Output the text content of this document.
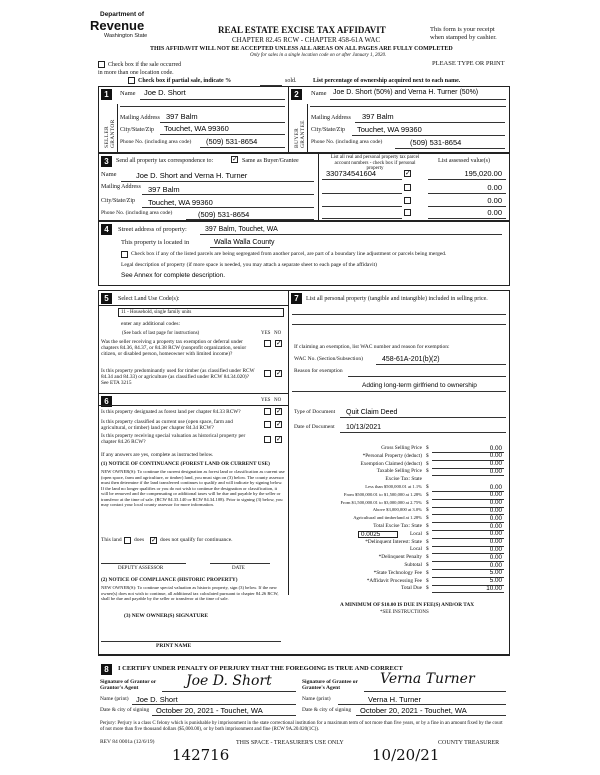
Department of
Revenue
Washington State
REAL ESTATE EXCISE TAX AFFIDAVIT
CHAPTER 82.45 RCW - CHAPTER 458-61A WAC
THIS AFFIDAVIT WILL NOT BE ACCEPTED UNLESS ALL AREAS ON ALL PAGES ARE FULLY COMPLETED
Only for sales in a single location code on or after January 1, 2020.
This form is your receipt
when stamped by cashier.
PLEASE TYPE OR PRINT
Check box if the sale occurred
in more than one location code.
Check box if partial sale, indicate %	sold.	List percentage of ownership acquired next to each name.
1
SELLER GRANTOR
Name Joe D. Short
Mailing Address 397 Balm
City/State/Zip Touchet, WA 99360
Phone No. (including area code) (509) 531-8654
2
BUYER GRANTEE
Name Joe D. Short (50%) and Verna H. Turner (50%)
Mailing Address 397 Balm
City/State/Zip Touchet, WA 99360
Phone No. (including area code)	(509) 531-8654
3	Send all property tax correspondence to:	✓ Same as Buyer/Grantee
Name	Joe D. Short and Verna H. Turner
Mailing Address 397 Balm
City/State/Zip Touchet, WA 99360
Phone No. (including area code)	(509) 531-8654
List all real and personal property tax parcel account numbers - check box if personal property
List assessed value(s)
330734541604	✓	195,020.00
0.00
0.00
0.00
4	Street address of property:	397 Balm, Touchet, WA
This property is located in	Walla Walla County
Check box if any of the listed parcels are being segregated from another parcel, are part of a boundary line adjustment or parcels being merged.
Legal description of property (if more space is needed, you may attach a separate sheet to each page of the affidavit)
See Annex for complete description.
5	Select Land Use Code(s):
11 - Household, single family units
enter any additional codes:
(See back of last page for instructions)	YES NO
Was the seller receiving a property tax exemption or deferral under chapters 84.36, 84.37, or 84.38 RCW (nonprofit organization, senior citizen, or disabled person, homeowner with limited income)?
✓
Is this property predominantly used for timber (as classified under RCW 84.34 and 84.33) or agriculture (as classified under RCW 84.34.020)? See ETA 3215
✓
6	YES NO
Is this property designated as forest land per chapter 84.33 RCW?	✓
Is this property classified as current use (open space, farm and agricultural, or timber) land per chapter 84.34 RCW?	✓
Is this property receiving special valuation as historical property per chapter 84.26 RCW?	✓
If any answers are yes, complete as instructed below.
(1) NOTICE OF CONTINUANCE (FOREST LAND OR CURRENT USE)
NEW OWNER(S): To continue the current designation as forest land or classification as current use (open space, farm and agriculture, or timber) land, you must sign on (3) below. The county assessor must then determine if the land transferred continues to qualify and will indicate by signing below. If the land no longer qualifies or you do not wish to continue the designation or classification, it will be removed and the compensating or additional taxes will be due and payable by the seller or transferor at the time of sale. (RCW 84.33.140 or RCW 84.34.108). Prior to signing (3) below, you may contact your local county assessor for more information.
This land does ✓ does not qualify for continuance.
DEPUTY ASSESSOR	DATE
(2) NOTICE OF COMPLIANCE (HISTORIC PROPERTY)
NEW OWNER(S): To continue special valuation as historic property, sign (3) below. If the new owner(s) does not wish to continue, all additional tax calculated pursuant to chapter 84.26 RCW, shall be due and payable by the seller or transferor at the time of sale.
(3) NEW OWNER(S) SIGNATURE
PRINT NAME
7	List all personal property (tangible and intangible) included in selling price.
If claiming an exemption, list WAC number and reason for exemption:
WAC No. (Section/Subsection)	458-61A-201(b)(2)
Reason for exemption
Adding long-term girlfriend to ownership
Type of Document Quit Claim Deed
Date of Document 10/13/2021
Gross Selling Price $	0.00
*Personal Property (deduct) $	0.00
Exemption Claimed (deduct) $	0.00
Taxable Selling Price $	0.00
Excise Tax: State
Less than $500,000.01 at 1.1% $	0.00
From $500,000.01 to $1,500,000 at 1.28% $	0.00
From $1,500,000.01 to $3,000,000 at 2.75% $	0.00
Above $3,000,000 at 3.0% $	0.00
Agricultural and timberland at 1.28% $	0.00
Total Excise Tax: State $	0.00
Local $	0.00
*Delinquent Interest: State $	0.00
Local $	0.00
*Delinquent Penalty $	0.00
Subtotal $	0.00
*State Technology Fee $	5.00
*Affidavit Processing Fee $	5.00
Total Due $	10.00
0.0025
A MINIMUM OF $10.00 IS DUE IN FEE(S) AND/OR TAX
*SEE INSTRUCTIONS
8	I CERTIFY UNDER PENALTY OF PERJURY THAT THE FOREGOING IS TRUE AND CORRECT
Signature of Grantor or Grantor's Agent	Joe D. Short
Name (print) Joe D. Short
Date & city of signing October 20, 2021 - Touchet, WA
Signature of Grantee or Grantee's Agent
Verna Turner
Name (print)	Verna H. Turner
Date & city of signing October 20, 2021 - Touchet, WA
Perjury: Perjury is a class C felony which is punishable by imprisonment in the state correctional institution for a maximum term of not more than five years, or by a fine in an amount fixed by the court of not more than five thousand dollars ($5,000.00), or by both imprisonment and fine (RCW 9A.20.020(1C)).
REV 84 0001a (12/6/19)
142716
THIS SPACE - TREASURER'S USE ONLY
10/20/21
COUNTY TREASURER
